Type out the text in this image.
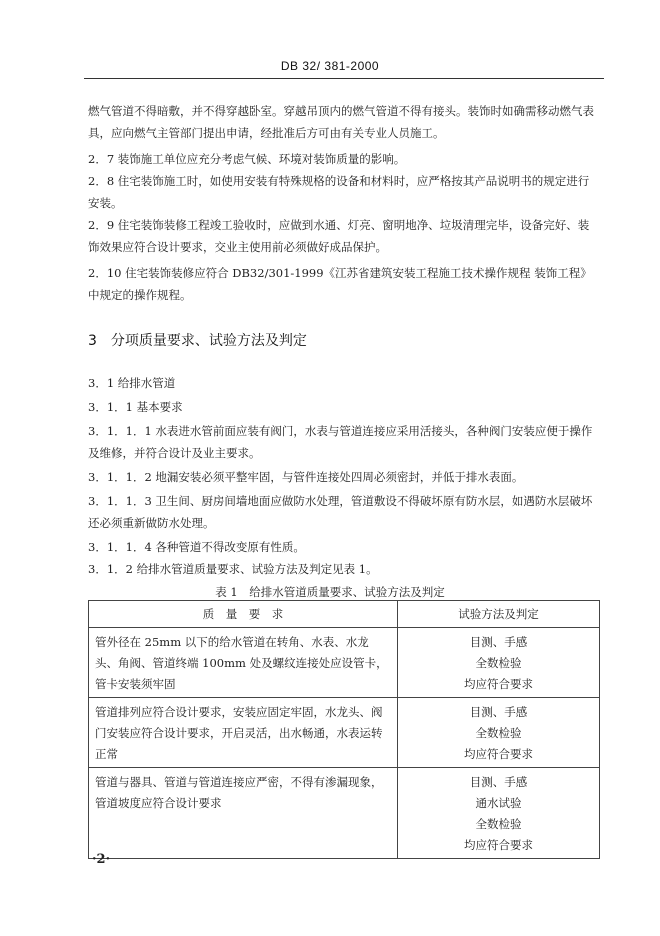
DB 32/ 381-2000
燃气管道不得暗敷，并不得穿越卧室。穿越吊顶内的燃气管道不得有接头。装饰时如确需移动燃气表具，应向燃气主管部门提出申请，经批准后方可由有关专业人员施工。
2．7 装饰施工单位应充分考虑气候、环境对装饰质量的影响。
2．8 住宅装饰施工时，如使用安装有特殊规格的设备和材料时，应严格按其产品说明书的规定进行安装。
2．9 住宅装饰装修工程竣工验收时，应做到水通、灯亮、窗明地净、垃圾清理完毕，设备完好、装饰效果应符合设计要求，交业主使用前必须做好成品保护。
2．10 住宅装饰装修应符合 DB32/301-1999《江苏省建筑安装工程施工技术操作规程 装饰工程》中规定的操作规程。
3　分项质量要求、试验方法及判定
3．1 给排水管道
3．1．1 基本要求
3．1．1．1 水表进水管前面应装有阀门，水表与管道连接应采用活接头，各种阀门安装应便于操作及维修，并符合设计及业主要求。
3．1．1．2 地漏安装必须平整牢固，与管件连接处四周必须密封，并低于排水表面。
3．1．1．3 卫生间、厨房间墙地面应做防水处理，管道敷设不得破坏原有防水层，如遇防水层破坏还必须重新做防水处理。
3．1．1．4 各种管道不得改变原有性质。
3．1．2 给排水管道质量要求、试验方法及判定见表 1。
表 1　给排水管道质量要求、试验方法及判定
质　量　要　求	试验方法及判定
管外径在 25mm 以下的给水管道在转角、水表、水龙头、角阀、管道终端 100mm 处及螺纹连接处应设管卡，管卡安装须牢固	目测、手感
全数检验
均应符合要求

管道排列应符合设计要求，安装应固定牢固，水龙头、阀门安装应符合设计要求，开启灵活，出水畅通，水表运转正常	目测、手感
全数检验
均应符合要求

管道与器具、管道与管道连接应严密，不得有渗漏现象，管道坡度应符合设计要求	目测、手感
通水试验
全数检验
均应符合要求
·2·
